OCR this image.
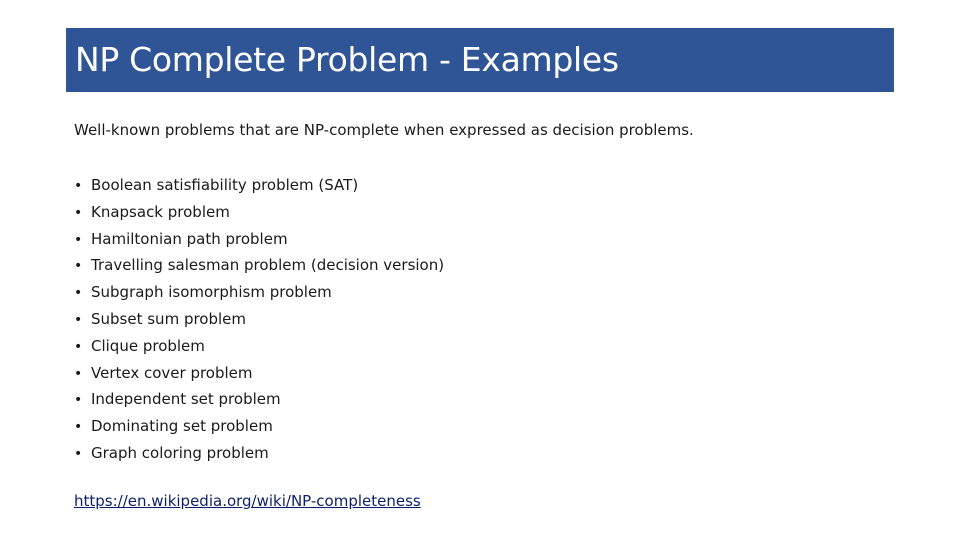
NP Complete Problem - Examples
Well-known problems that are NP-complete when expressed as decision problems.
• Boolean satisfiability problem (SAT)
• Knapsack problem
• Hamiltonian path problem
• Travelling salesman problem (decision version)
• Subgraph isomorphism problem
• Subset sum problem
• Clique problem
• Vertex cover problem
• Independent set problem
• Dominating set problem
• Graph coloring problem
https://en.wikipedia.org/wiki/NP-completeness
